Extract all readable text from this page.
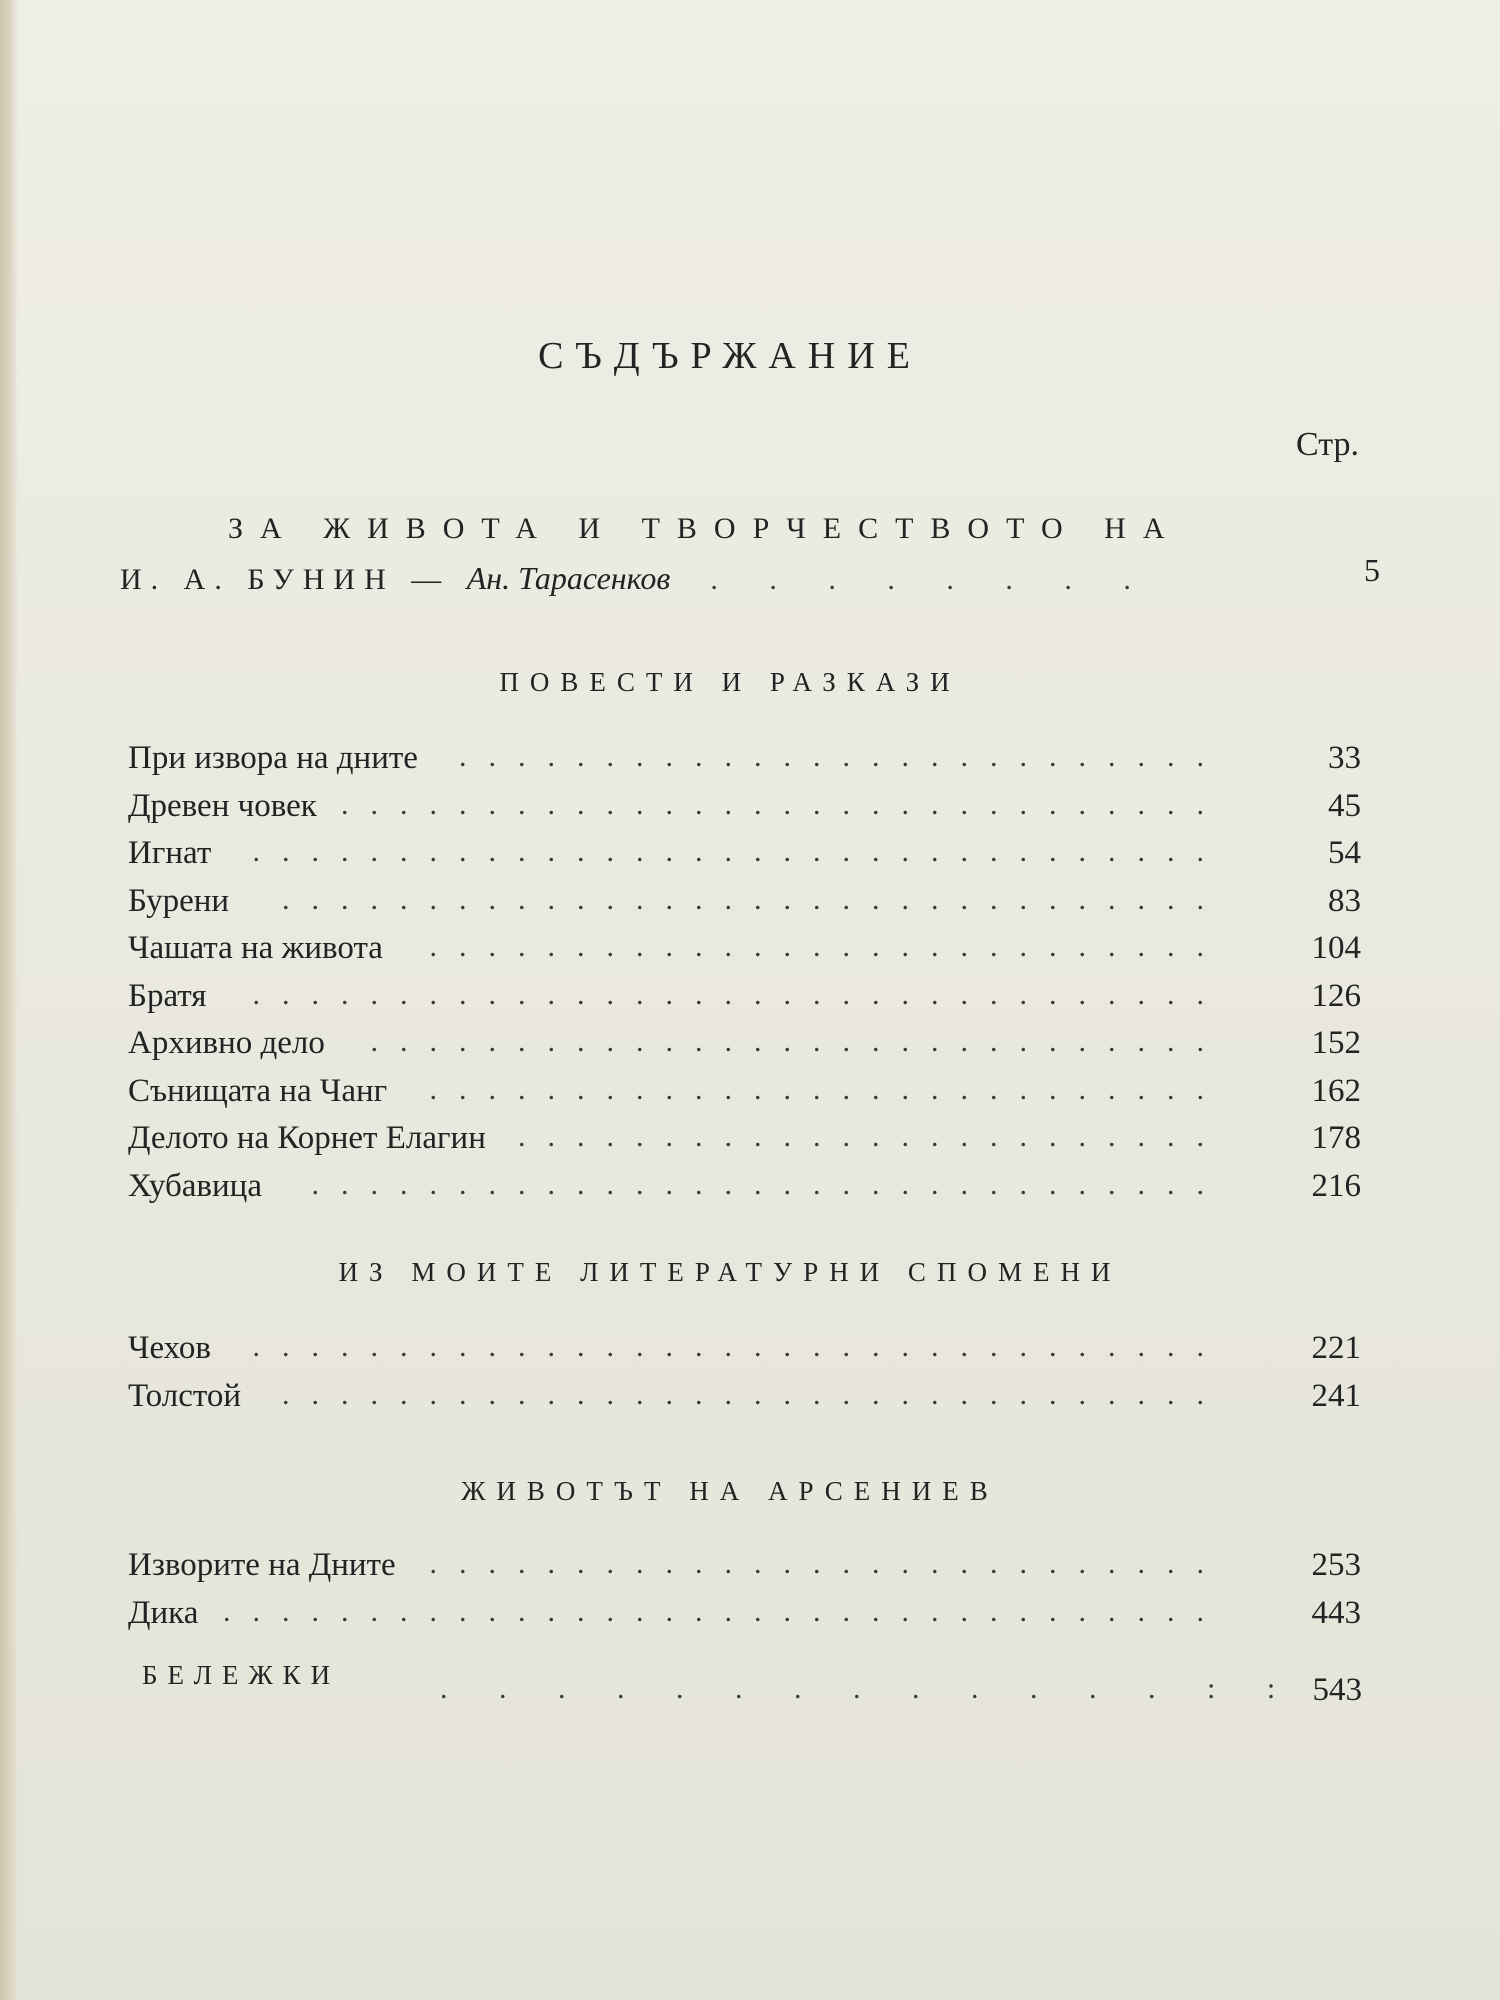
СЪДЪРЖАНИЕ
Стр.
ЗА ЖИВОТА И ТВОРЧЕСТВОТО НА
И. А. БУНИН — Ан. Тарасенков . . . . . . . .	5
ПОВЕСТИ И РАЗКАЗИ
При извора на дните	..........................	33
Древен човек ..............................	45
Игнат	.................................	54
Бурени	................................	83
Чашата на живота	...........................	104
Братя	.................................	126
Архивно дело	.............................	152
Сънищата на Чанг	...........................	162
Делото на Корнет Елагин ........................	178
Хубавица	...............................	216
ИЗ МОИТЕ ЛИТЕРАТУРНИ СПОМЕНИ
Чехов	.................................	221
Толстой	................................	241
ЖИВОТЪТ НА АРСЕНИЕВ
Изворите на Дните	...........................	253
Дика ..................................	443
БЕЛЕЖКИ	. . . . . . . . . . . . . : : 543
